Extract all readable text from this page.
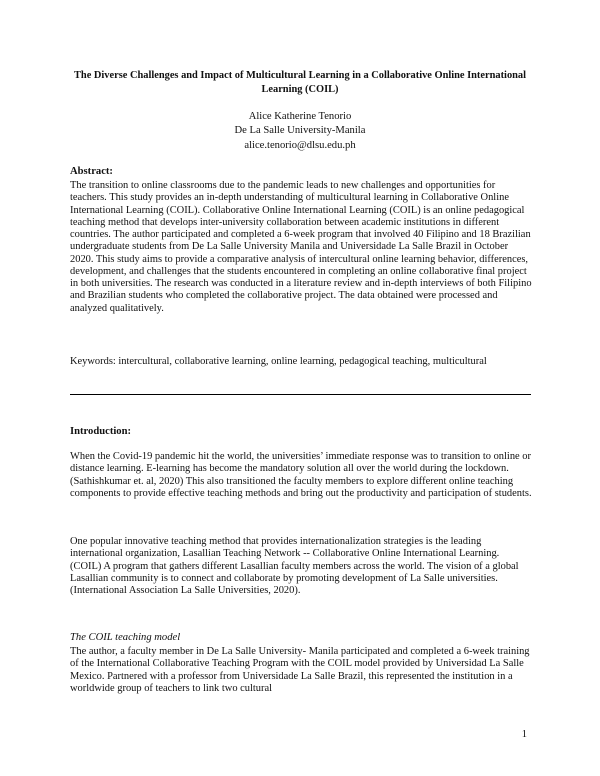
The Diverse Challenges and Impact of Multicultural Learning in a Collaborative Online International Learning (COIL)
Alice Katherine Tenorio
De La Salle University-Manila
alice.tenorio@dlsu.edu.ph
Abstract:
The transition to online classrooms due to the pandemic leads to new challenges and opportunities for teachers. This study provides an in-depth understanding of multicultural learning in Collaborative Online International Learning (COIL). Collaborative Online International Learning (COIL) is an online pedagogical teaching method that develops inter-university collaboration between academic institutions in different countries. The author participated and completed a 6-week program that involved 40 Filipino and 18 Brazilian undergraduate students from De La Salle University Manila and Universidade La Salle Brazil in October 2020. This study aims to provide a comparative analysis of intercultural online learning behavior, differences, development, and challenges that the students encountered in completing an online collaborative final project in both universities. The research was conducted in a literature review and in-depth interviews of both Filipino and Brazilian students who completed the collaborative project. The data obtained were processed and analyzed qualitatively.
Keywords: intercultural, collaborative learning, online learning, pedagogical teaching, multicultural
Introduction:
When the Covid-19 pandemic hit the world, the universities’ immediate response was to transition to online or distance learning. E-learning has become the mandatory solution all over the world during the lockdown. (Sathishkumar et. al, 2020) This also transitioned the faculty members to explore different online teaching components to provide effective teaching methods and bring out the productivity and participation of students.
One popular innovative teaching method that provides internationalization strategies is the leading international organization, Lasallian Teaching Network -- Collaborative Online International Learning. (COIL) A program that gathers different Lasallian faculty members across the world. The vision of a global Lasallian community is to connect and collaborate by promoting development of La Salle universities. (International Association La Salle Universities, 2020).
The COIL teaching model
The author, a faculty member in De La Salle University- Manila participated and completed a 6-week training of the International Collaborative Teaching Program with the COIL model provided by Universidad La Salle Mexico. Partnered with a professor from Universidade La Salle Brazil, this represented the institution in a worldwide group of teachers to link two cultural
1
